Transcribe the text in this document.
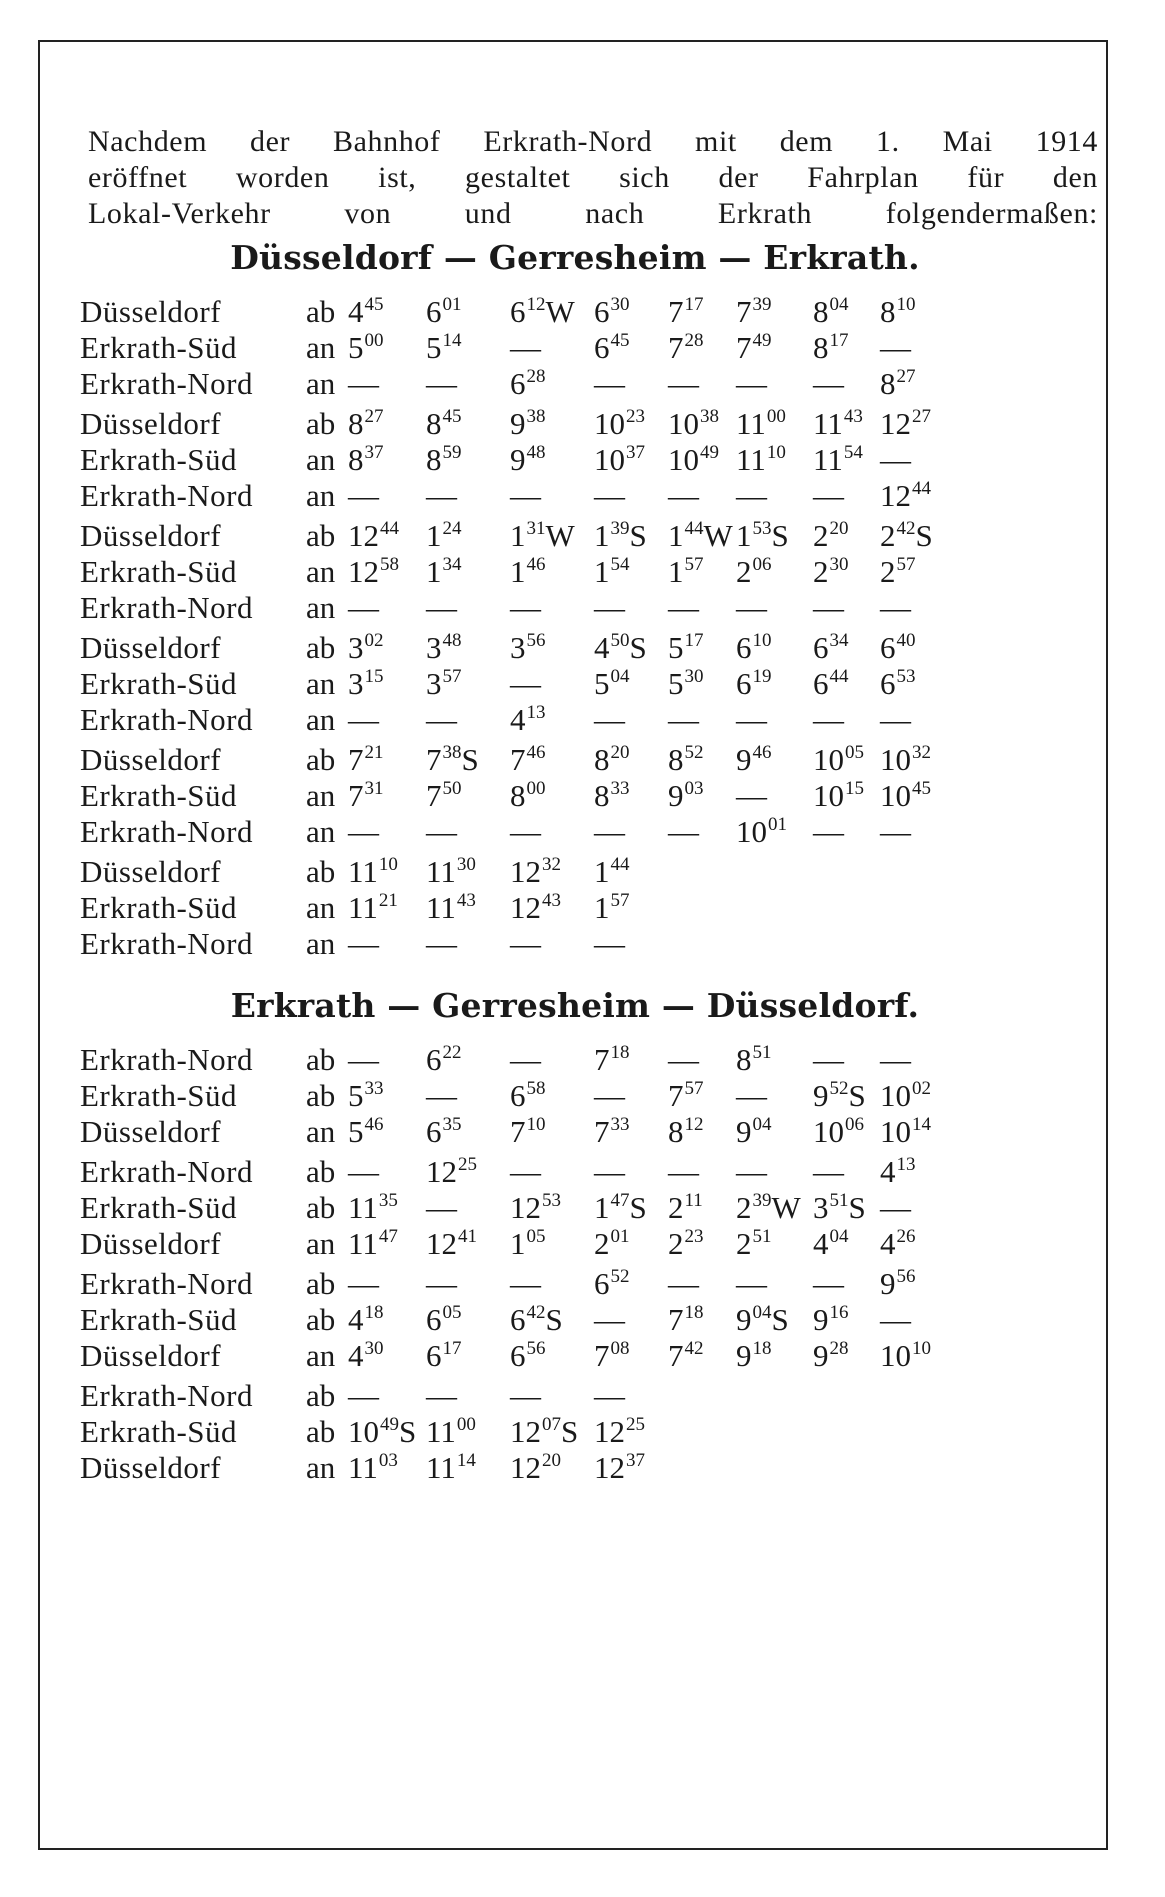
Nachdem der Bahnhof Erkrath-Nord mit dem 1. Mai 1914
eröffnet worden ist, gestaltet sich der Fahrplan für den
Lokal-Verkehr von und nach Erkrath folgendermaßen:
Düsseldorf — Gerresheim — Erkrath.
Düsseldorf	ab $4^{45}$ $6^{01}$ $6^{12}W$ $6^{30}$ $7^{17}$ $7^{39}$ $8^{04}$ $8^{10}$
Erkrath-Süd an $5^{00}$ $5^{14}$ — $6^{45}$ $7^{28}$ $7^{49}$ $8^{17}$ —
Erkrath-Nord an — — $6^{28}$ — — — — $8^{27}$
Düsseldorf	ab $8^{27}$ $8^{45}$ $9^{38}$ $10^{23}$ $10^{38}$ $11^{00}$ $11^{43}$ $12^{27}$
Erkrath-Süd an $8^{37}$ $8^{59}$ $9^{48}$ $10^{37}$ $10^{49}$ $11^{10}$ $11^{54}$ —
Erkrath-Nord an — — — — — — — $12^{44}$
Düsseldorf	ab $12^{44}$ $1^{24}$ $1^{31}W$ $1^{39}S$ $1^{44}W$ $1^{53}S$ $2^{20}$ $2^{42}S$
Erkrath-Süd an $12^{58}$ $1^{34}$ $1^{46}$ $1^{54}$ $1^{57}$ $2^{06}$ $2^{30}$ $2^{57}$
Erkrath-Nord an — — — — — — — —
Düsseldorf	ab $3^{02}$ $3^{48}$ $3^{56}$ $4^{50}S$ $5^{17}$ $6^{10}$ $6^{34}$ $6^{40}$
Erkrath-Süd an $3^{15}$ $3^{57}$ — $5^{04}$ $5^{30}$ $6^{19}$ $6^{44}$ $6^{53}$
Erkrath-Nord an — — $4^{13}$ — — — — —
Düsseldorf	ab $7^{21}$ $7^{38}S$ $7^{46}$ $8^{20}$ $8^{52}$ $9^{46}$ $10^{05}$ $10^{32}$
Erkrath-Süd an $7^{31}$ $7^{50}$ $8^{00}$ $8^{33}$ $9^{03}$ — $10^{15}$ $10^{45}$
Erkrath-Nord an — — — — — $10^{01}$ — —
Düsseldorf	ab $11^{10}$ $11^{30}$ $12^{32}$ $1^{44}$
Erkrath-Süd an $11^{21}$ $11^{43}$ $12^{43}$ $1^{57}$
Erkrath-Nord an — — — —
Erkrath — Gerresheim — Düsseldorf.
Erkrath-Nord ab — $6^{22}$ — $7^{18}$ — $8^{51}$ — —
Erkrath-Süd ab $5^{33}$ — $6^{58}$ — $7^{57}$ — $9^{52}S$ $10^{02}$
Düsseldorf	an $5^{46}$ $6^{35}$ $7^{10}$ $7^{33}$ $8^{12}$ $9^{04}$ $10^{06}$ $10^{14}$
Erkrath-Nord ab — $12^{25}$ — — — — — $4^{13}$
Erkrath-Süd ab $11^{35}$ — $12^{53}$ $1^{47}S$ $2^{11}$ $2^{39}W$ $3^{51}S$ —
Düsseldorf	an $11^{47}$ $12^{41}$ $1^{05}$ $2^{01}$ $2^{23}$ $2^{51}$ $4^{04}$ $4^{26}$
Erkrath-Nord ab — — — $6^{52}$ — — — $9^{56}$
Erkrath-Süd ab $4^{18}$ $6^{05}$ $6^{42}S$ — $7^{18}$ $9^{04}S$ $9^{16}$ —
Düsseldorf	an $4^{30}$ $6^{17}$ $6^{56}$ $7^{08}$ $7^{42}$ $9^{18}$ $9^{28}$ $10^{10}$
Erkrath-Nord ab — — — —
Erkrath-Süd ab $10^{49}S$ $11^{00}$ $12^{07}S$ $12^{25}$
Düsseldorf	an $11^{03}$ $11^{14}$ $12^{20}$ $12^{37}$
